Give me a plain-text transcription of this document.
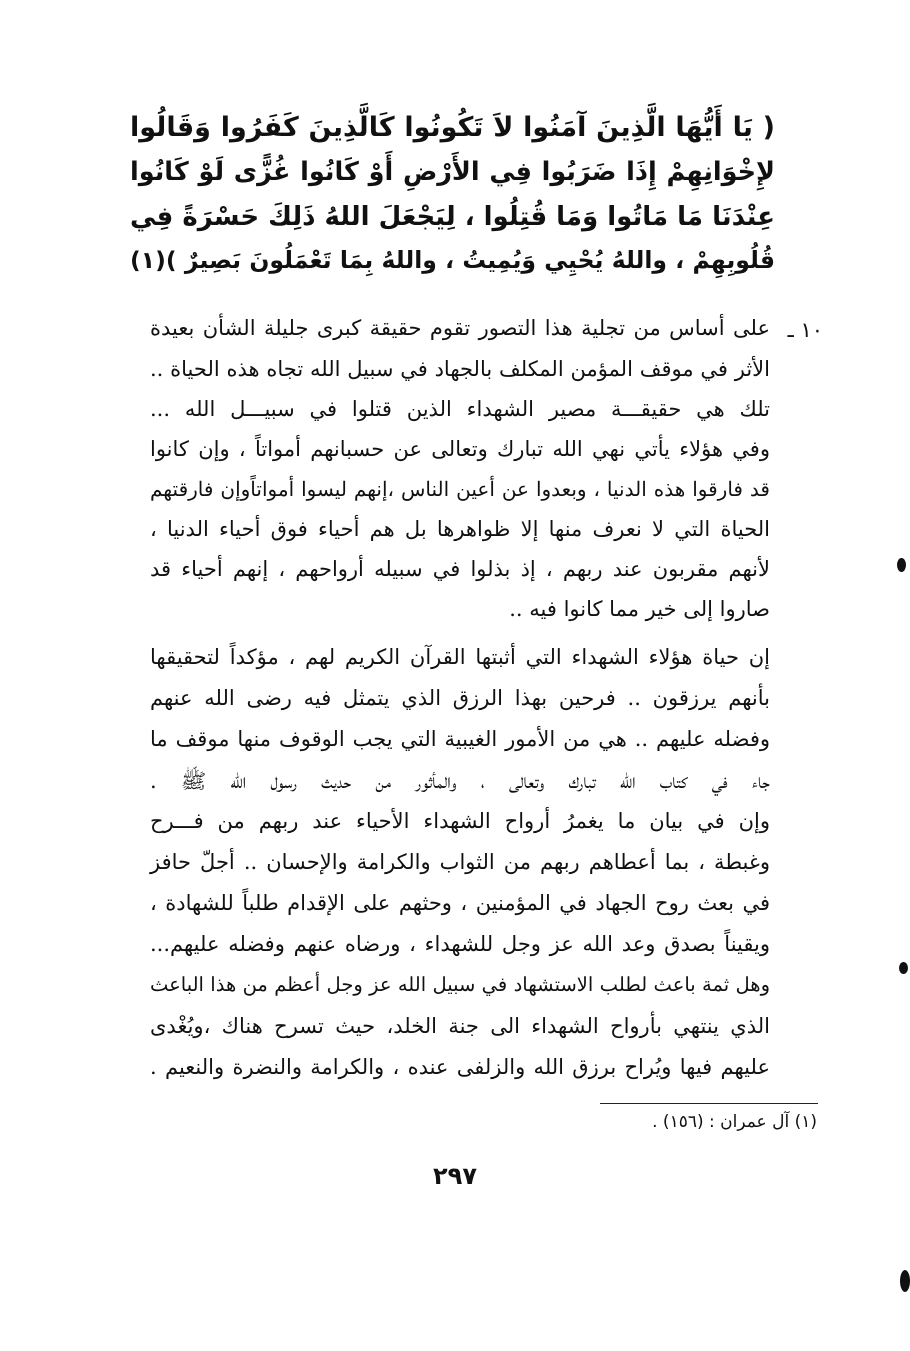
( يَا أَيُّهَا الَّذِينَ آمَنُوا لاَ تَكُونُوا كَالَّذِينَ كَفَرُوا وَقَالُوا
لإِخْوَانِهِمْ إِذَا ضَرَبُوا فِي الأَرْضِ أَوْ كَانُوا غُزًّى لَوْ كَانُوا
عِنْدَنَا مَا مَاتُوا وَمَا قُتِلُوا ، لِيَجْعَلَ اللهُ ذَلِكَ حَسْرَةً فِي
قُلُوبِهِمْ ، واللهُ يُحْيِي وَيُمِيتُ ، واللهُ بِمَا تَعْمَلُونَ بَصِيرٌ )(١)
١٠ ـ
على أساس من تجلية هذا التصور تقوم حقيقة كبرى جليلة الشأن بعيدة
الأثر في موقف المؤمن المكلف بالجهاد في سبيل الله تجاه هذه الحياة ..
تلك هي حقيقـــة مصير الشهداء الذين قتلوا في سبيـــل الله ...
وفي هؤلاء يأتي نهي الله تبارك وتعالى عن حسبانهم أمواتاً ، وإن كانوا
قد فارقوا هذه الدنيا ، وبعدوا عن أعين الناس ،إنهم ليسوا أمواتاًوإن فارقتهم
الحياة التي لا نعرف منها إلا ظواهرها بل هم أحياء فوق أحياء الدنيا ،
لأنهم مقربون عند ربهم ، إذ بذلوا في سبيله أرواحهم ، إنهم أحياء قد
صاروا إلى خير مما كانوا فيه ..
إن حياة هؤلاء الشهداء التي أثبتها القرآن الكريم لهم ، مؤكداً لتحقيقها
بأنهم يرزقون .. فرحين بهذا الرزق الذي يتمثل فيه رضى الله عنهم
وفضله عليهم .. هي من الأمور الغيبية التي يجب الوقوف منها موقف ما
جاء في كتاب الله تبارك وتعالى ، والمأثور من حديث رسول الله ﷺ .
وإن في بيان ما يغمرُ أرواح الشهداء الأحياء عند ربهم من فـــرح
وغبطة ، بما أعطاهم ربهم من الثواب والكرامة والإحسان .. أجلّ حافز
في بعث روح الجهاد في المؤمنين ، وحثهم على الإقدام طلباً للشهادة ،
ويقيناً بصدق وعد الله عز وجل للشهداء ، ورضاه عنهم وفضله عليهم...
وهل ثمة باعث لطلب الاستشهاد في سبيل الله عز وجل أعظم من هذا الباعث
الذي ينتهي بأرواح الشهداء الى جنة الخلد، حيث تسرح هناك ،ويُغْدى
عليهم فيها ويُراح برزق الله والزلفى عنده ، والكرامة والنضرة والنعيم .
(١) آل عمران : (١٥٦) .
٢٩٧
